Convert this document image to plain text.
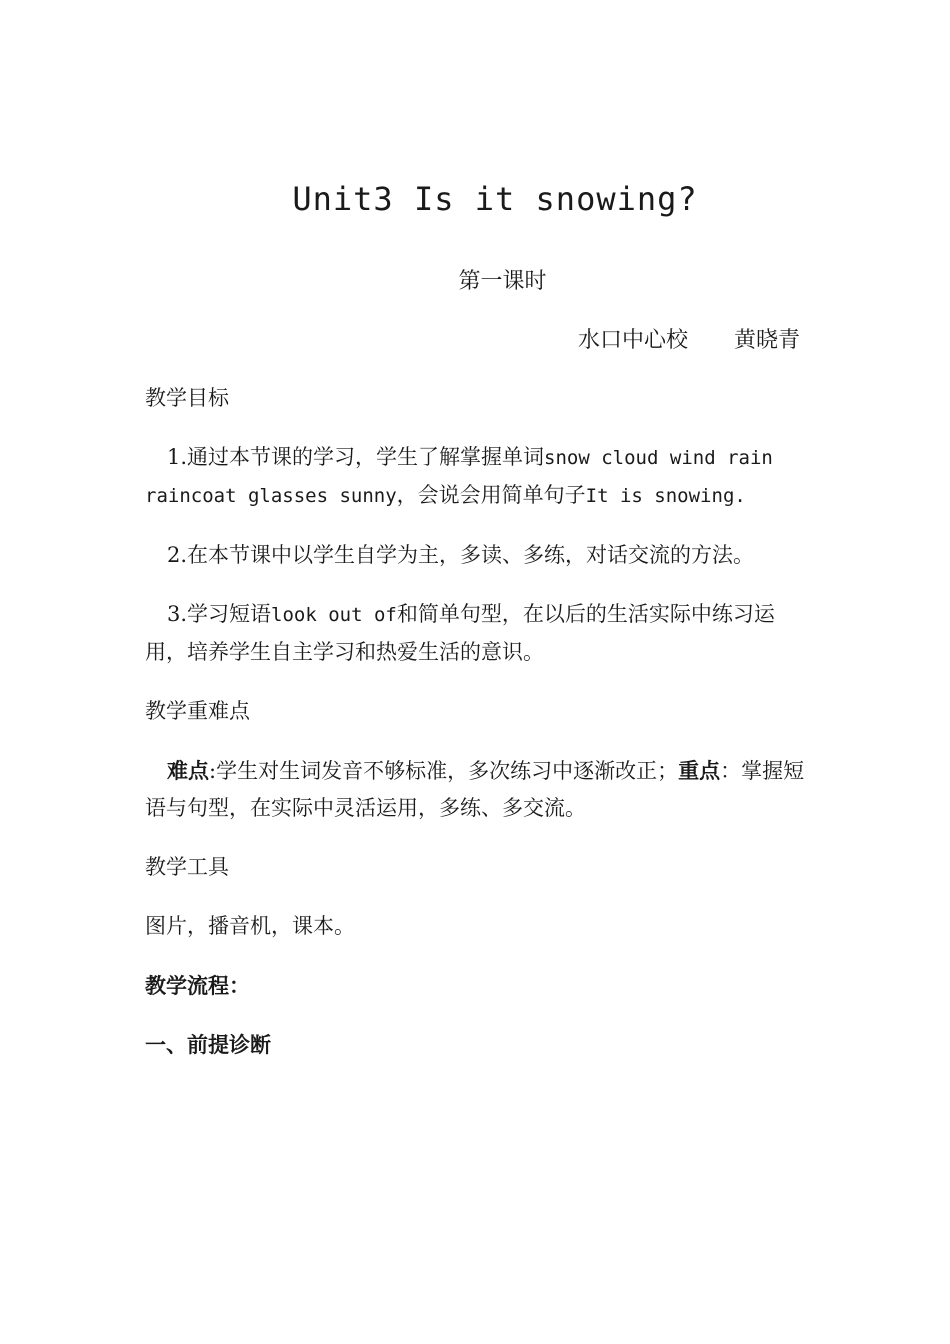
Unit3 Is it snowing?
第一课时
水口中心校 黄晓青

教学目标

1.通过本节课的学习，学生了解掌握单词snow cloud wind rain raincoat glasses sunny，会说会用简单句子It is snowing.

2.在本节课中以学生自学为主，多读、多练，对话交流的方法。

3.学习短语look out of和简单句型，在以后的生活实际中练习运用，培养学生自主学习和热爱生活的意识。

教学重难点

难点:学生对生词发音不够标准，多次练习中逐渐改正；重点：掌握短语与句型，在实际中灵活运用，多练、多交流。

教学工具

图片，播音机，课本。

教学流程：

一、前提诊断
